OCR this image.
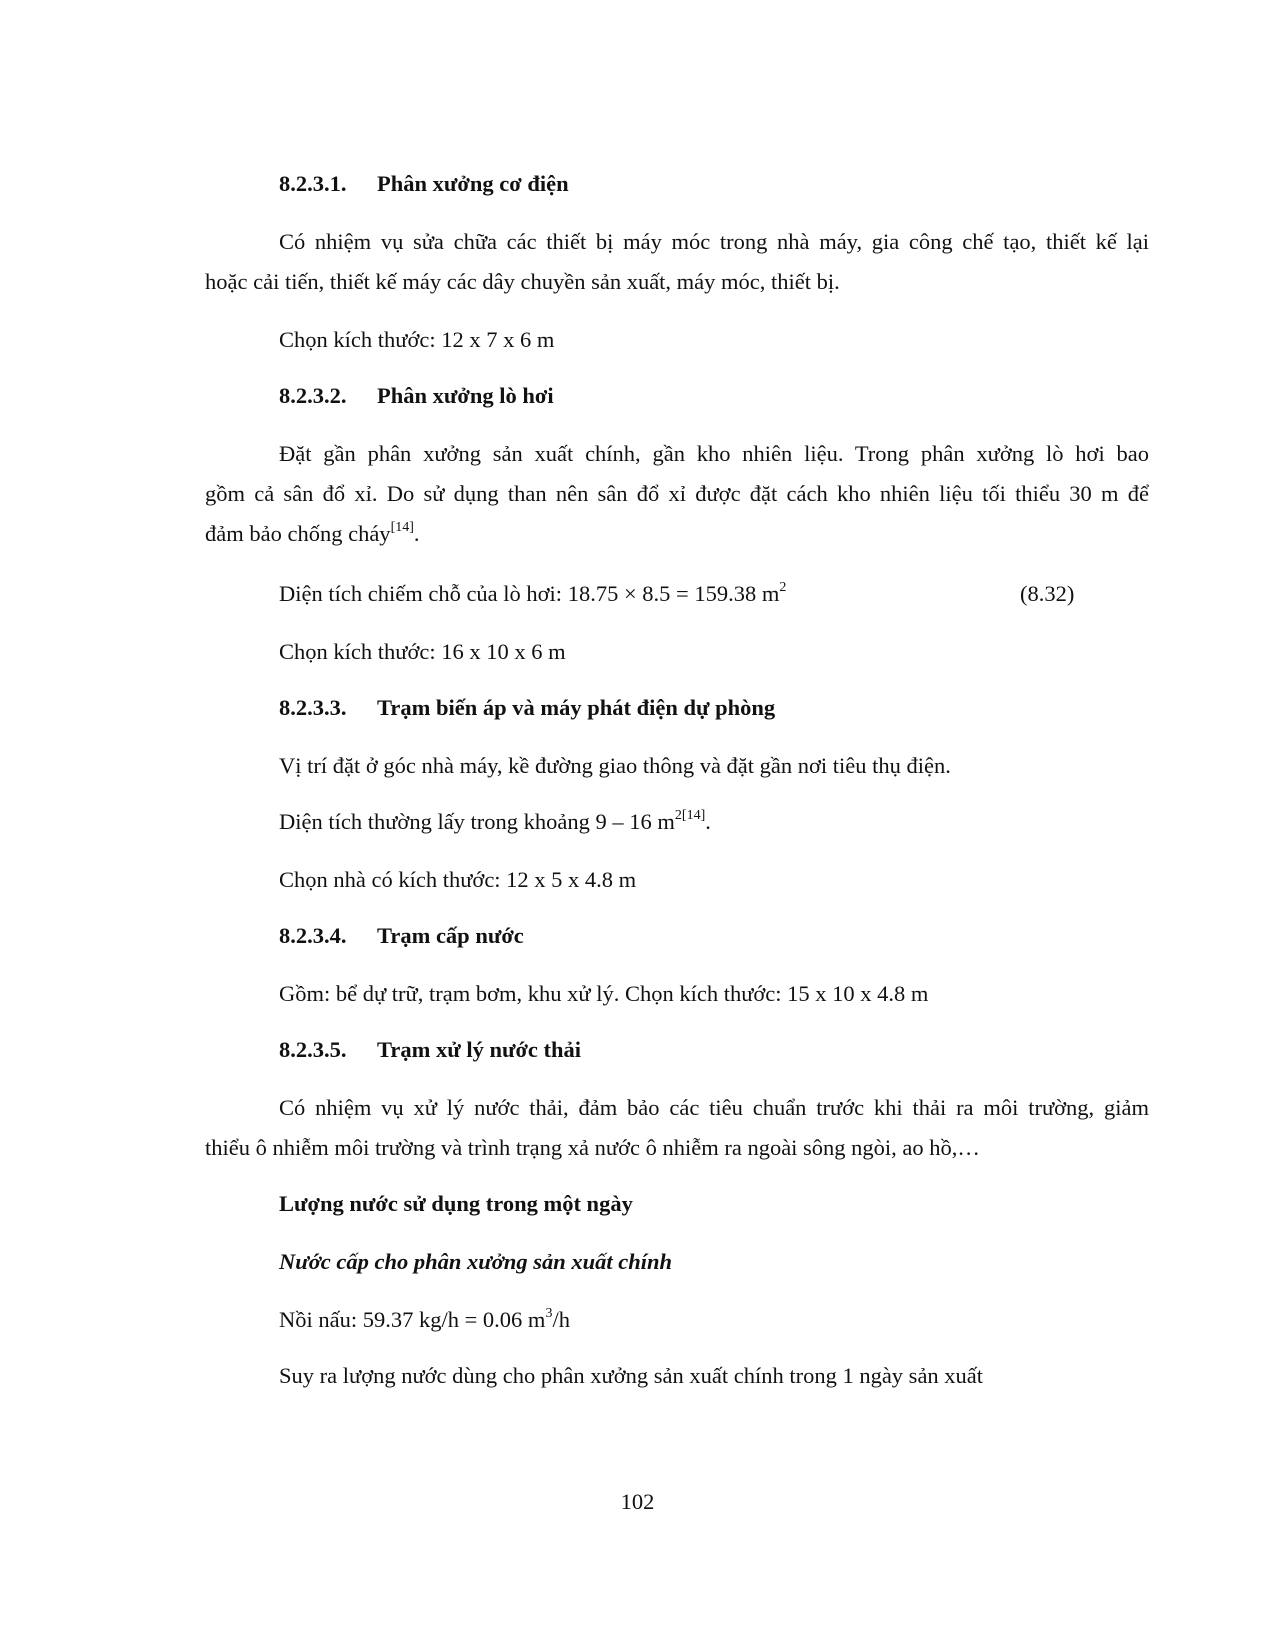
8.2.3.1. Phân xưởng cơ điện

Có nhiệm vụ sửa chữa các thiết bị máy móc trong nhà máy, gia công chế tạo, thiết kế lại

hoặc cải tiến, thiết kế máy các dây chuyền sản xuất, máy móc, thiết bị.

Chọn kích thước: 12 x 7 x 6 m

8.2.3.2. Phân xưởng lò hơi

Đặt gần phân xưởng sản xuất chính, gần kho nhiên liệu. Trong phân xưởng lò hơi bao

gồm cả sân đổ xỉ. Do sử dụng than nên sân đổ xỉ được đặt cách kho nhiên liệu tối thiểu 30 m để

đảm bảo chống cháy[14].

Diện tích chiếm chỗ của lò hơi: 18.75 × 8.5 = 159.38 $m^2$	(8.32)

Chọn kích thước: 16 x 10 x 6 m

8.2.3.3. Trạm biến áp và máy phát điện dự phòng

Vị trí đặt ở góc nhà máy, kề đường giao thông và đặt gần nơi tiêu thụ điện.

Diện tích thường lấy trong khoảng 9 – 16 $m^{2[14]}$.

Chọn nhà có kích thước: 12 x 5 x 4.8 m

8.2.3.4. Trạm cấp nước

Gồm: bể dự trữ, trạm bơm, khu xử lý. Chọn kích thước: 15 x 10 x 4.8 m

8.2.3.5. Trạm xử lý nước thải

Có nhiệm vụ xử lý nước thải, đảm bảo các tiêu chuẩn trước khi thải ra môi trường, giảm

thiểu ô nhiễm môi trường và trình trạng xả nước ô nhiễm ra ngoài sông ngòi, ao hồ,…

Lượng nước sử dụng trong một ngày

Nước cấp cho phân xưởng sản xuất chính

Nồi nấu: 59.37 kg/h = 0.06 $m^3/h$

Suy ra lượng nước dùng cho phân xưởng sản xuất chính trong 1 ngày sản xuất

102
